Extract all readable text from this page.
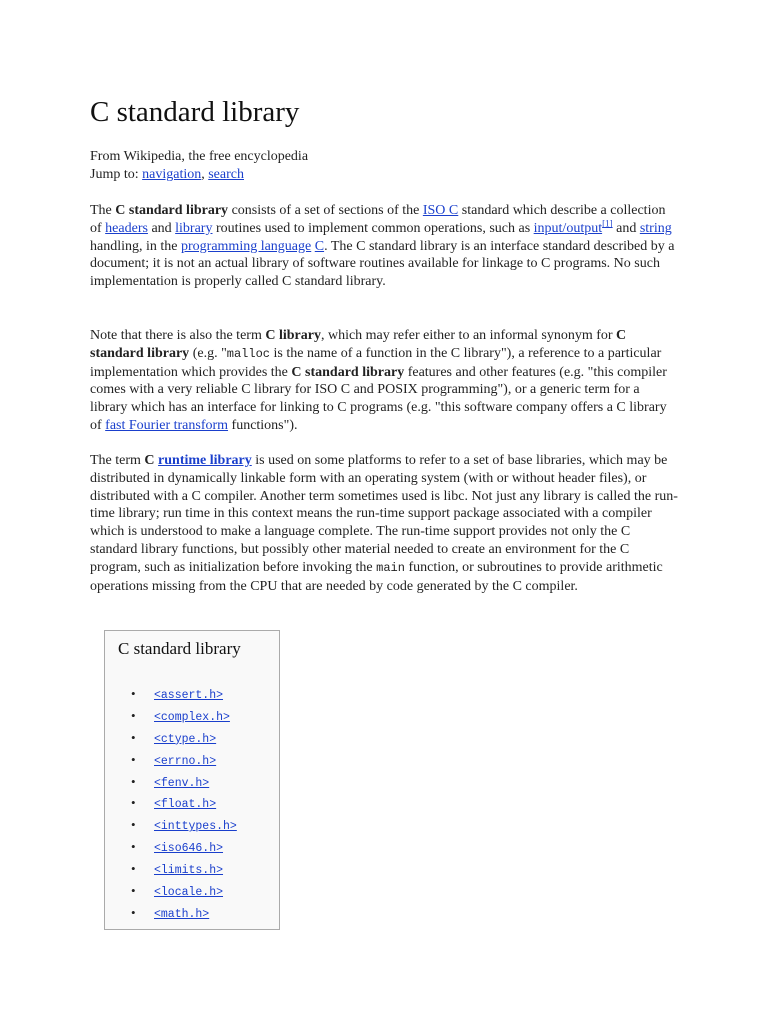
C standard library
From Wikipedia, the free encyclopedia
Jump to: navigation, search

The C standard library consists of a set of sections of the ISO C standard which describe a collection of headers and library routines used to implement common operations, such as input/output[1] and string handling, in the programming language C. The C standard library is an interface standard described by a document; it is not an actual library of software routines available for linkage to C programs. No such implementation is properly called C standard library.

Note that there is also the term C library, which may refer either to an informal synonym for C standard library (e.g. "malloc is the name of a function in the C library"), a reference to a particular implementation which provides the C standard library features and other features (e.g. "this compiler comes with a very reliable C library for ISO C and POSIX programming"), or a generic term for a library which has an interface for linking to C programs (e.g. "this software company offers a C library of fast Fourier transform functions").

The term C runtime library is used on some platforms to refer to a set of base libraries, which may be distributed in dynamically linkable form with an operating system (with or without header files), or distributed with a C compiler. Another term sometimes used is libc. Not just any library is called the run-time library; run time in this context means the run-time support package associated with a compiler which is understood to make a language complete. The run-time support provides not only the C standard library functions, but possibly other material needed to create an environment for the C program, such as initialization before invoking the main function, or subroutines to provide arithmetic operations missing from the CPU that are needed by code generated by the C compiler.

C standard library
• <assert.h>
• <complex.h>
• <ctype.h>
• <errno.h>
• <fenv.h>
• <float.h>
• <inttypes.h>
• <iso646.h>
• <limits.h>
• <locale.h>
• <math.h>
